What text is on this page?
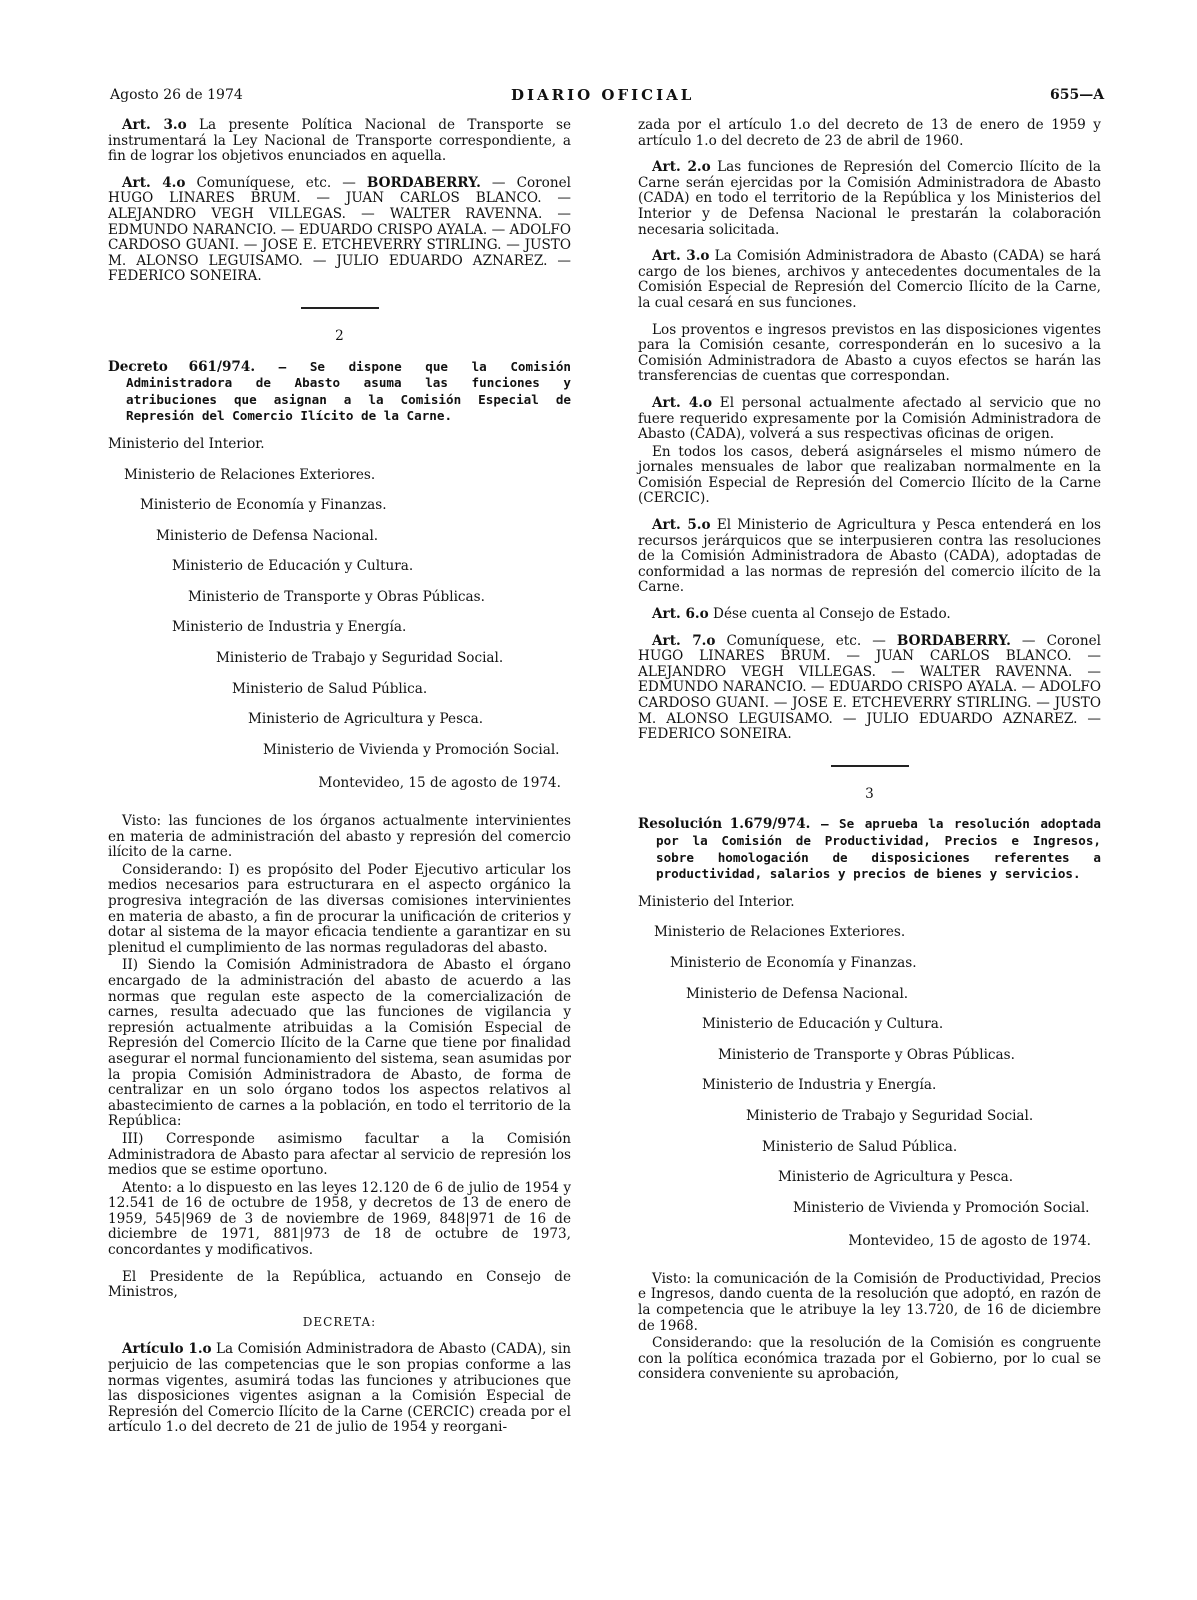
Agosto 26 de 1974	DIARIO OFICIAL	655—A

Art. 3.o La presente Política Nacional de Transporte se instrumentará la Ley Nacional de Transporte correspondiente, a fin de lograr los objetivos enunciados en aquella.

Art. 4.o Comuníquese, etc. — BORDABERRY. — Coronel HUGO LINARES BRUM. — JUAN CARLOS BLANCO. — ALEJANDRO VEGH VILLEGAS. — WALTER RAVENNA. — EDMUNDO NARANCIO. — EDUARDO CRISPO AYALA. — ADOLFO CARDOSO GUANI. — JOSE E. ETCHEVERRY STIRLING. — JUSTO M. ALONSO LEGUISAMO. — JULIO EDUARDO AZNAREZ. — FEDERICO SONEIRA.

2

Decreto 661/974. — Se dispone que la Comisión Administradora de Abasto asuma las funciones y atribuciones que asignan a la Comisión Especial de Represión del Comercio Ilícito de la Carne.

Ministerio del Interior.
Ministerio de Relaciones Exteriores.
Ministerio de Economía y Finanzas.
Ministerio de Defensa Nacional.
Ministerio de Educación y Cultura.
Ministerio de Transporte y Obras Públicas.
Ministerio de Industria y Energía.
Ministerio de Trabajo y Seguridad Social.
Ministerio de Salud Pública.
Ministerio de Agricultura y Pesca.
Ministerio de Vivienda y Promoción Social.
Montevideo, 15 de agosto de 1974.

Visto: las funciones de los órganos actualmente intervinientes en materia de administración del abasto y represión del comercio ilícito de la carne.

Considerando: I) es propósito del Poder Ejecutivo articular los medios necesarios para estructurara en el aspecto orgánico la progresiva integración de las diversas comisiones intervinientes en materia de abasto, a fin de procurar la unificación de criterios y dotar al sistema de la mayor eficacia tendiente a garantizar en su plenitud el cumplimiento de las normas reguladoras del abasto.

II) Siendo la Comisión Administradora de Abasto el órgano encargado de la administración del abasto de acuerdo a las normas que regulan este aspecto de la comercialización de carnes, resulta adecuado que las funciones de vigilancia y represión actualmente atribuidas a la Comisión Especial de Represión del Comercio Ilícito de la Carne que tiene por finalidad asegurar el normal funcionamiento del sistema, sean asumidas por la propia Comisión Administradora de Abasto, de forma de centralizar en un solo órgano todos los aspectos relativos al abastecimiento de carnes a la población, en todo el territorio de la República:

III) Corresponde asimismo facultar a la Comisión Administradora de Abasto para afectar al servicio de represión los medios que se estime oportuno.

Atento: a lo dispuesto en las leyes 12.120 de 6 de julio de 1954 y 12.541 de 16 de octubre de 1958, y decretos de 13 de enero de 1959, 545|969 de 3 de noviembre de 1969, 848|971 de 16 de diciembre de 1971, 881|973 de 18 de octubre de 1973, concordantes y modificativos.

El Presidente de la República, actuando en Consejo de Ministros,

DECRETA:

Artículo 1.o La Comisión Administradora de Abasto (CADA), sin perjuicio de las competencias que le son propias conforme a las normas vigentes, asumirá todas las funciones y atribuciones que las disposiciones vigentes asignan a la Comisión Especial de Represión del Comercio Ilícito de la Carne (CERCIC) creada por el artículo 1.o del decreto de 21 de julio de 1954 y reorgani-

zada por el artículo 1.o del decreto de 13 de enero de 1959 y artículo 1.o del decreto de 23 de abril de 1960.

Art. 2.o Las funciones de Represión del Comercio Ilícito de la Carne serán ejercidas por la Comisión Administradora de Abasto (CADA) en todo el territorio de la República y los Ministerios del Interior y de Defensa Nacional le prestarán la colaboración necesaria solicitada.

Art. 3.o La Comisión Administradora de Abasto (CADA) se hará cargo de los bienes, archivos y antecedentes documentales de la Comisión Especial de Represión del Comercio Ilícito de la Carne, la cual cesará en sus funciones.

Los proventos e ingresos previstos en las disposiciones vigentes para la Comisión cesante, corresponderán en lo sucesivo a la Comisión Administradora de Abasto a cuyos efectos se harán las transferencias de cuentas que correspondan.

Art. 4.o El personal actualmente afectado al servicio que no fuere requerido expresamente por la Comisión Administradora de Abasto (CADA), volverá a sus respectivas oficinas de origen.

En todos los casos, deberá asignárseles el mismo número de jornales mensuales de labor que realizaban normalmente en la Comisión Especial de Represión del Comercio Ilícito de la Carne (CERCIC).

Art. 5.o El Ministerio de Agricultura y Pesca entenderá en los recursos jerárquicos que se interpusieren contra las resoluciones de la Comisión Administradora de Abasto (CADA), adoptadas de conformidad a las normas de represión del comercio ilícito de la Carne.

Art. 6.o Dése cuenta al Consejo de Estado.

Art. 7.o Comuníquese, etc. — BORDABERRY. — Coronel HUGO LINARES BRUM. — JUAN CARLOS BLANCO. — ALEJANDRO VEGH VILLEGAS. — WALTER RAVENNA. — EDMUNDO NARANCIO. — EDUARDO CRISPO AYALA. — ADOLFO CARDOSO GUANI. — JOSE E. ETCHEVERRY STIRLING. — JUSTO M. ALONSO LEGUISAMO. — JULIO EDUARDO AZNAREZ. — FEDERICO SONEIRA.

3

Resolución 1.679/974. — Se aprueba la resolución adoptada por la Comisión de Productividad, Precios e Ingresos, sobre homologación de disposiciones referentes a productividad, salarios y precios de bienes y servicios.

Ministerio del Interior.
Ministerio de Relaciones Exteriores.
Ministerio de Economía y Finanzas.
Ministerio de Defensa Nacional.
Ministerio de Educación y Cultura.
Ministerio de Transporte y Obras Públicas.
Ministerio de Industria y Energía.
Ministerio de Trabajo y Seguridad Social.
Ministerio de Salud Pública.
Ministerio de Agricultura y Pesca.
Ministerio de Vivienda y Promoción Social.
Montevideo, 15 de agosto de 1974.

Visto: la comunicación de la Comisión de Productividad, Precios e Ingresos, dando cuenta de la resolución que adoptó, en razón de la competencia que le atribuye la ley 13.720, de 16 de diciembre de 1968.

Considerando: que la resolución de la Comisión es congruente con la política económica trazada por el Gobierno, por lo cual se considera conveniente su aprobación,
